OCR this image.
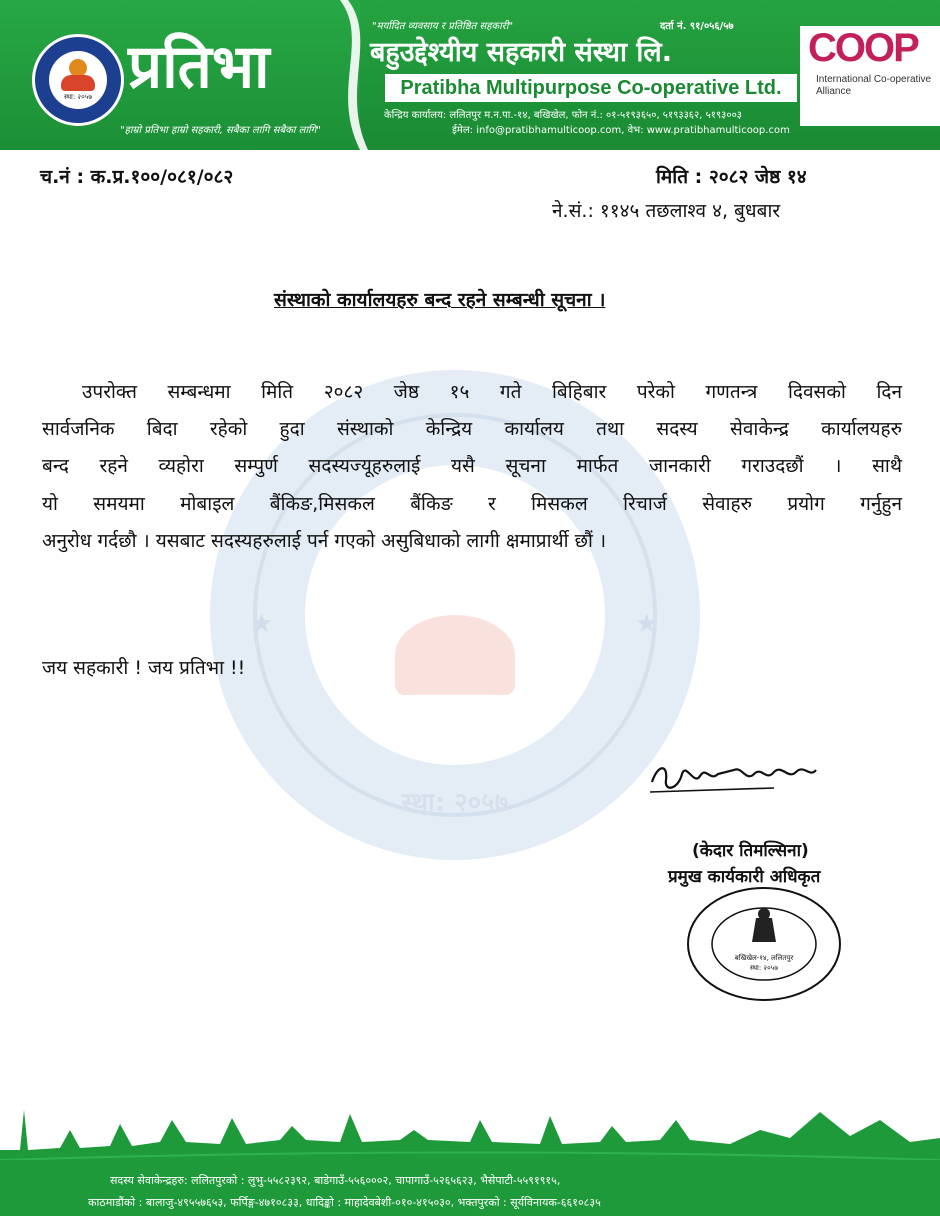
स्था: २०५७ प्रतिभा
"हाम्रो प्रतिभा हाम्रो सहकारी, सबैका लागि सबैका लागि"
"मर्यादित व्यवसाय र प्रतिष्ठित सहकारी"	दर्ता नं. ९१/०५६/५७
बहुउद्देश्यीय सहकारी संस्था लि.
Pratibha Multipurpose Co-operative Ltd.
केन्द्रिय कार्यालय: ललितपुर म.न.पा.-१४, बखिखेल, फोन नं.: ०१-५१९३६५०, ५१९३३६२, ५१९३००३
ईमेल: info@pratibhamulticoop.com, वेभ: www.pratibhamulticoop.com
COOP
International Co-operative Alliance
★	★
स्था: २०५७
च.नं : क.प्र.१००/०८१/०८२	मिति : २०८२ जेष्ठ १४
ने.सं.: ११४५ तछलाश्व ४, बुधबार
संस्थाको कार्यालयहरु बन्द रहने सम्बन्धी सूचना ।
उपरोक्त सम्बन्धमा मिति २०८२ जेष्ठ १५ गते बिहिबार परेको गणतन्त्र दिवसको दिन
सार्वजनिक बिदा रहेको हुदा संस्थाको केन्द्रिय कार्यालय तथा सदस्य सेवाकेन्द्र कार्यालयहरु
बन्द रहने व्यहोरा सम्पुर्ण सदस्यज्यूहरुलाई यसै सूचना मार्फत जानकारी गराउदछौं । साथै
यो समयमा मोबाइल बैंकिङ,मिसकल बैंकिङ र मिसकल रिचार्ज सेवाहरु प्रयोग गर्नुहुन
अनुरोध गर्दछौ । यसबाट सदस्यहरुलाई पर्न गएको असुबिधाको लागी क्षमाप्रार्थी छौं ।
जय सहकारी ! जय प्रतिभा !!
(केदार तिमल्सिना)
प्रमुख कार्यकारी अधिकृत
बखिखेल-१४, ललितपुर
स्था: २०५७
सदस्य सेवाकेन्द्रहरु: ललितपुरको : लुभु-५५८२३९२, बाडेगाउँ-५५६०००२, चापागाउँ-५२६५६२३, भैसेपाटी-५५९१९१५,
काठमाडौंको : बालाजु-४९५५७६५३, फर्पिङ्ग-४७१०८३३, धादिङ्को : माहादेवबेशी-०१०-४१५०३०, भक्तपुरको : सूर्यविनायक-६६१०८३५
